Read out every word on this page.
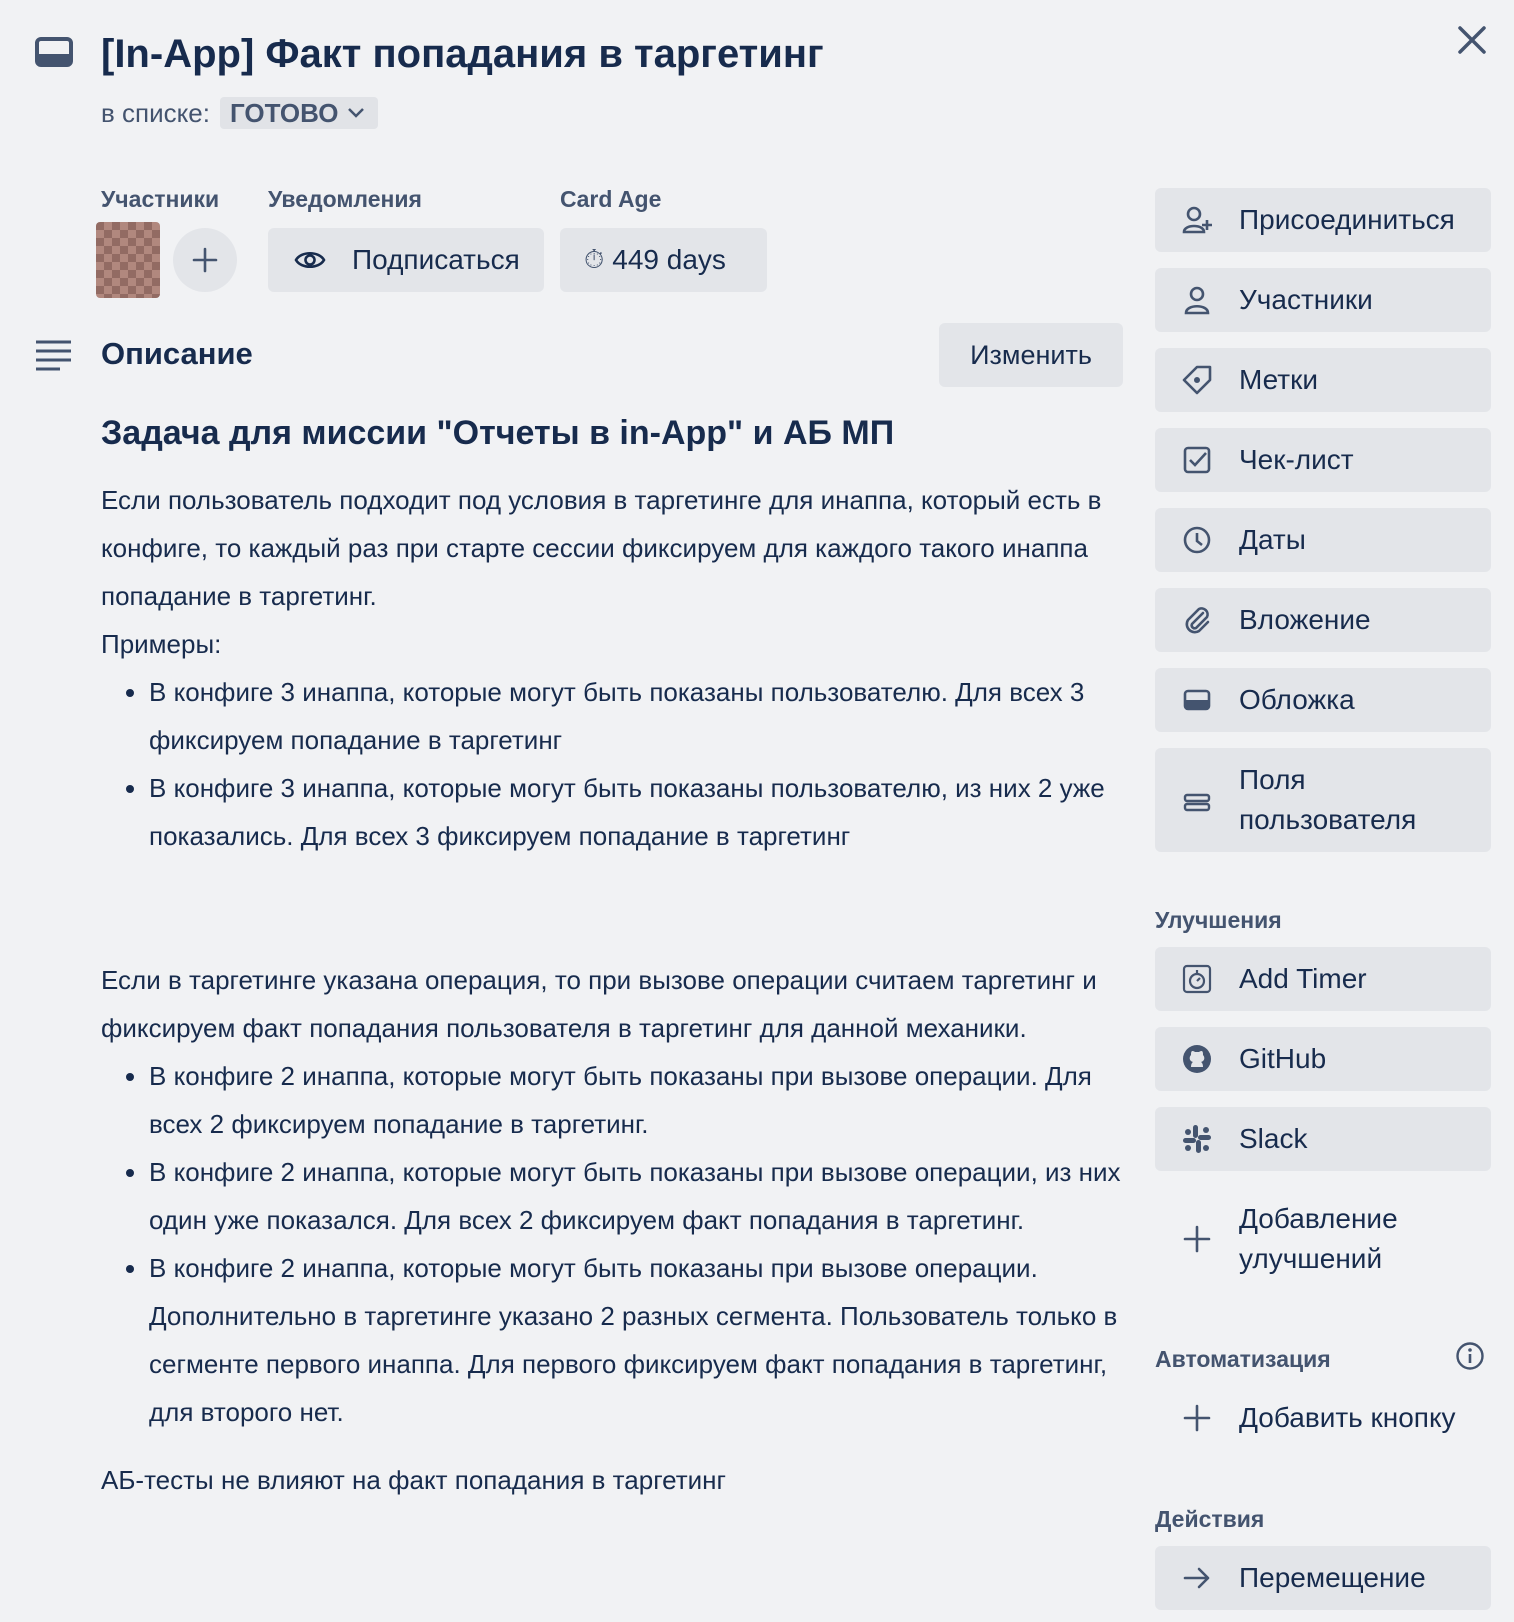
[In-App] Факт попадания в таргетинг
в списке: ГОТОВО
Участники Уведомления
Подписаться
Card Age
⏱ 449 days
Описание	Изменить
Задача для миссии "Отчеты в in-App" и АБ МП

Если пользователь подходит под условия в таргетинге для инаппа, который есть в конфиге, то каждый раз при старте сессии фиксируем для каждого такого инаппа попадание в таргетинг.

Примеры:

• В конфиге 3 инаппа, которые могут быть показаны пользователю. Для всех 3 фиксируем попадание в таргетинг
• В конфиге 3 инаппа, которые могут быть показаны пользователю, из них 2 уже показались. Для всех 3 фиксируем попадание в таргетинг

Если в таргетинге указана операция, то при вызове операции считаем таргетинг и фиксируем факт попадания пользователя в таргетинг для данной механики.

• В конфиге 2 инаппа, которые могут быть показаны при вызове операции. Для всех 2 фиксируем попадание в таргетинг.
• В конфиге 2 инаппа, которые могут быть показаны при вызове операции, из них один уже показался. Для всех 2 фиксируем факт попадания в таргетинг.
• В конфиге 2 инаппа, которые могут быть показаны при вызове операции. Дополнительно в таргетинге указано 2 разных сегмента. Пользователь только в сегменте первого инаппа. Для первого фиксируем факт попадания в таргетинг, для второго нет.

АБ-тесты не влияют на факт попадания в таргетинг

Присоединиться
Участники
Метки
Чек-лист
Даты
Вложение
Обложка
Поля пользователя
Улучшения
Add Timer
GitHub
Slack
Добавление улучшений
Автоматизация
Добавить кнопку
Действия
Перемещение
